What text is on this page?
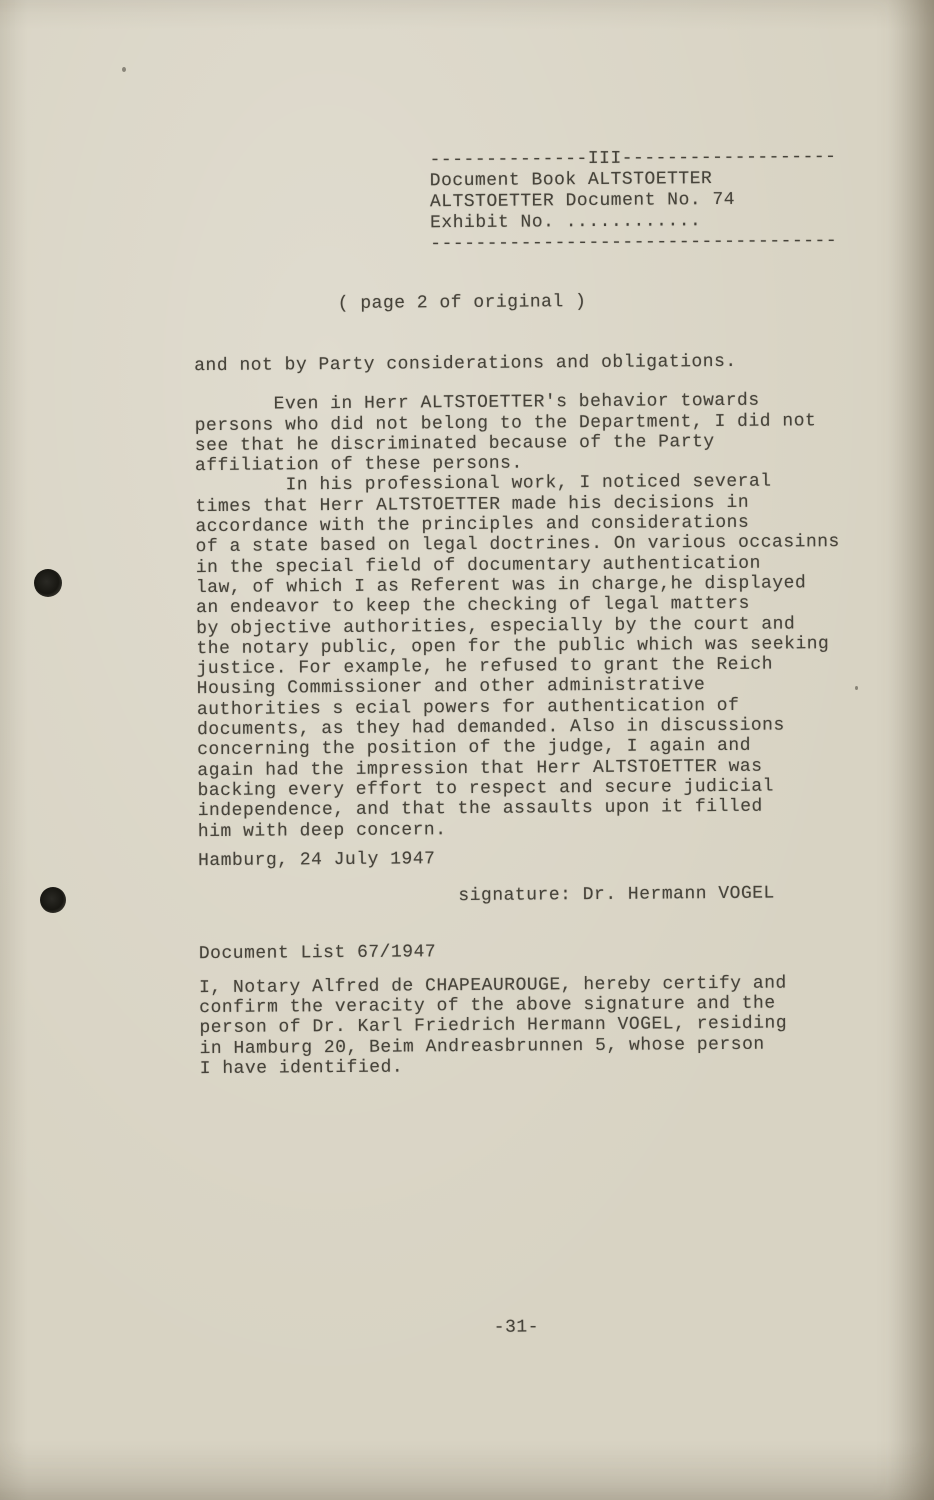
--------------III-------------------
Document Book ALTSTOETTER
ALTSTOETTER Document No. 74
Exhibit No. ............
------------------------------------
( page 2 of original )

and not by Party considerations and obligations.

Even in Herr ALTSTOETTER's behavior towards
persons who did not belong to the Department, I did not
see that he discriminated because of the Party
affiliation of these persons.

In his professional work, I noticed several
times that Herr ALTSTOETTER made his decisions in
accordance with the principles and considerations
of a state based on legal doctrines. On various occasinns
in the special field of documentary authentication
law, of which I as Referent was in charge,he displayed
an endeavor to keep the checking of legal matters
by objective authorities, especially by the court and
the notary public, open for the public which was seeking
justice. For example, he refused to grant the Reich
Housing Commissioner and other administrative
authorities s ecial powers for authentication of
documents, as they had demanded. Also in discussions
concerning the position of the judge, I again and
again had the impression that Herr ALTSTOETTER was
backing every effort to respect and secure judicial
independence, and that the assaults upon it filled
him with deep concern.

Hamburg, 24 July 1947

signature: Dr. Hermann VOGEL

Document List 67/1947

I, Notary Alfred de CHAPEAUROUGE, hereby certify and
confirm the veracity of the above signature and the
person of Dr. Karl Friedrich Hermann VOGEL, residing
in Hamburg 20, Beim Andreasbrunnen 5, whose person
I have identified.

-31-
